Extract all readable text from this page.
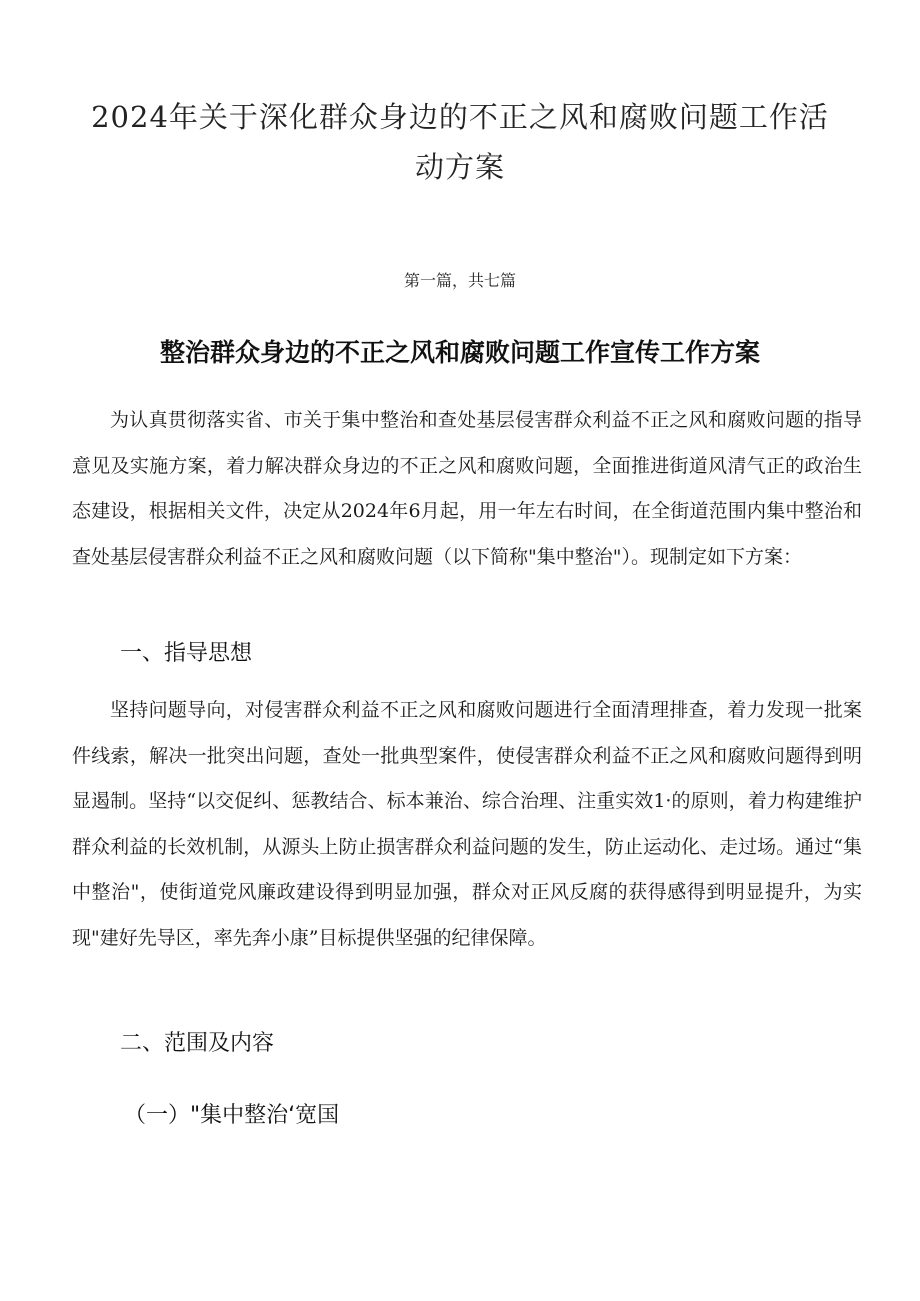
2024年关于深化群众身边的不正之风和腐败问题工作活动方案
第一篇，共七篇
整治群众身边的不正之风和腐败问题工作宣传工作方案

为认真贯彻落实省、市关于集中整治和查处基层侵害群众利益不正之风和腐败问题的指导意见及实施方案，着力解决群众身边的不正之风和腐败问题，全面推进街道风清气正的政治生态建设，根据相关文件，决定从2024年6月起，用一年左右时间，在全街道范围内集中整治和查处基层侵害群众利益不正之风和腐败问题（以下简称"集中整治"）。现制定如下方案：

一、指导思想

坚持问题导向，对侵害群众利益不正之风和腐败问题进行全面清理排查，着力发现一批案件线索，解决一批突出问题，查处一批典型案件，使侵害群众利益不正之风和腐败问题得到明显遏制。坚持“以交促纠、惩教结合、标本兼治、综合治理、注重实效1·的原则，着力构建维护群众利益的长效机制，从源头上防止损害群众利益问题的发生，防止运动化、走过场。通过“集中整治"，使街道党风廉政建设得到明显加强，群众对正风反腐的获得感得到明显提升，为实现"建好先导区，率先奔小康”目标提供坚强的纪律保障。

二、范围及内容
（一）"集中整治‘宽国
